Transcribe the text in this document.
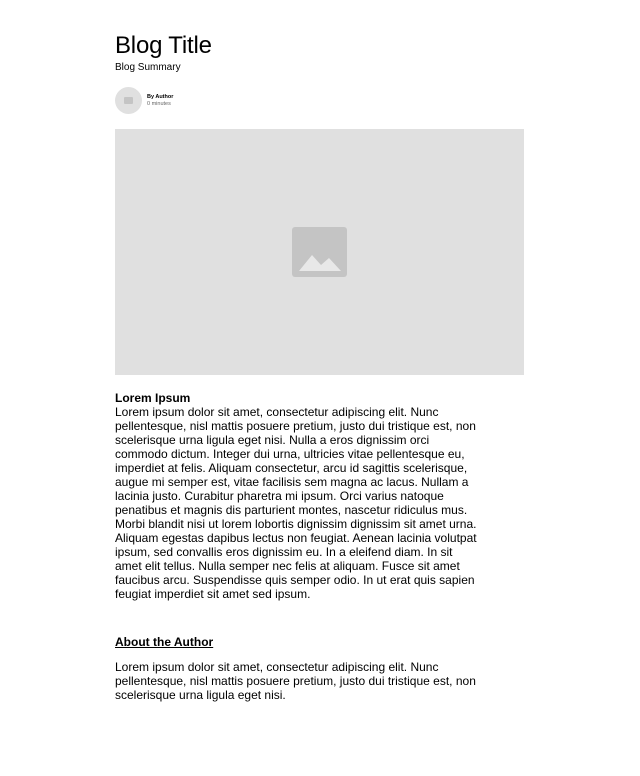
Blog Title
Blog Summary
By Author
0 minutes
Lorem Ipsum
Lorem ipsum dolor sit amet, consectetur adipiscing elit. Nunc pellentesque, nisl mattis posuere pretium, justo dui tristique est, non scelerisque urna ligula eget nisi. Nulla a eros dignissim orci commodo dictum. Integer dui urna, ultricies vitae pellentesque eu, imperdiet at felis. Aliquam consectetur, arcu id sagittis scelerisque, augue mi semper est, vitae facilisis sem magna ac lacus. Nullam a lacinia justo. Curabitur pharetra mi ipsum. Orci varius natoque penatibus et magnis dis parturient montes, nascetur ridiculus mus. Morbi blandit nisi ut lorem lobortis dignissim dignissim sit amet urna. Aliquam egestas dapibus lectus non feugiat. Aenean lacinia volutpat ipsum, sed convallis eros dignissim eu. In a eleifend diam. In sit amet elit tellus. Nulla semper nec felis at aliquam. Fusce sit amet faucibus arcu. Suspendisse quis semper odio. In ut erat quis sapien feugiat imperdiet sit amet sed ipsum.
About the Author
Lorem ipsum dolor sit amet, consectetur adipiscing elit. Nunc pellentesque, nisl mattis posuere pretium, justo dui tristique est, non scelerisque urna ligula eget nisi.
